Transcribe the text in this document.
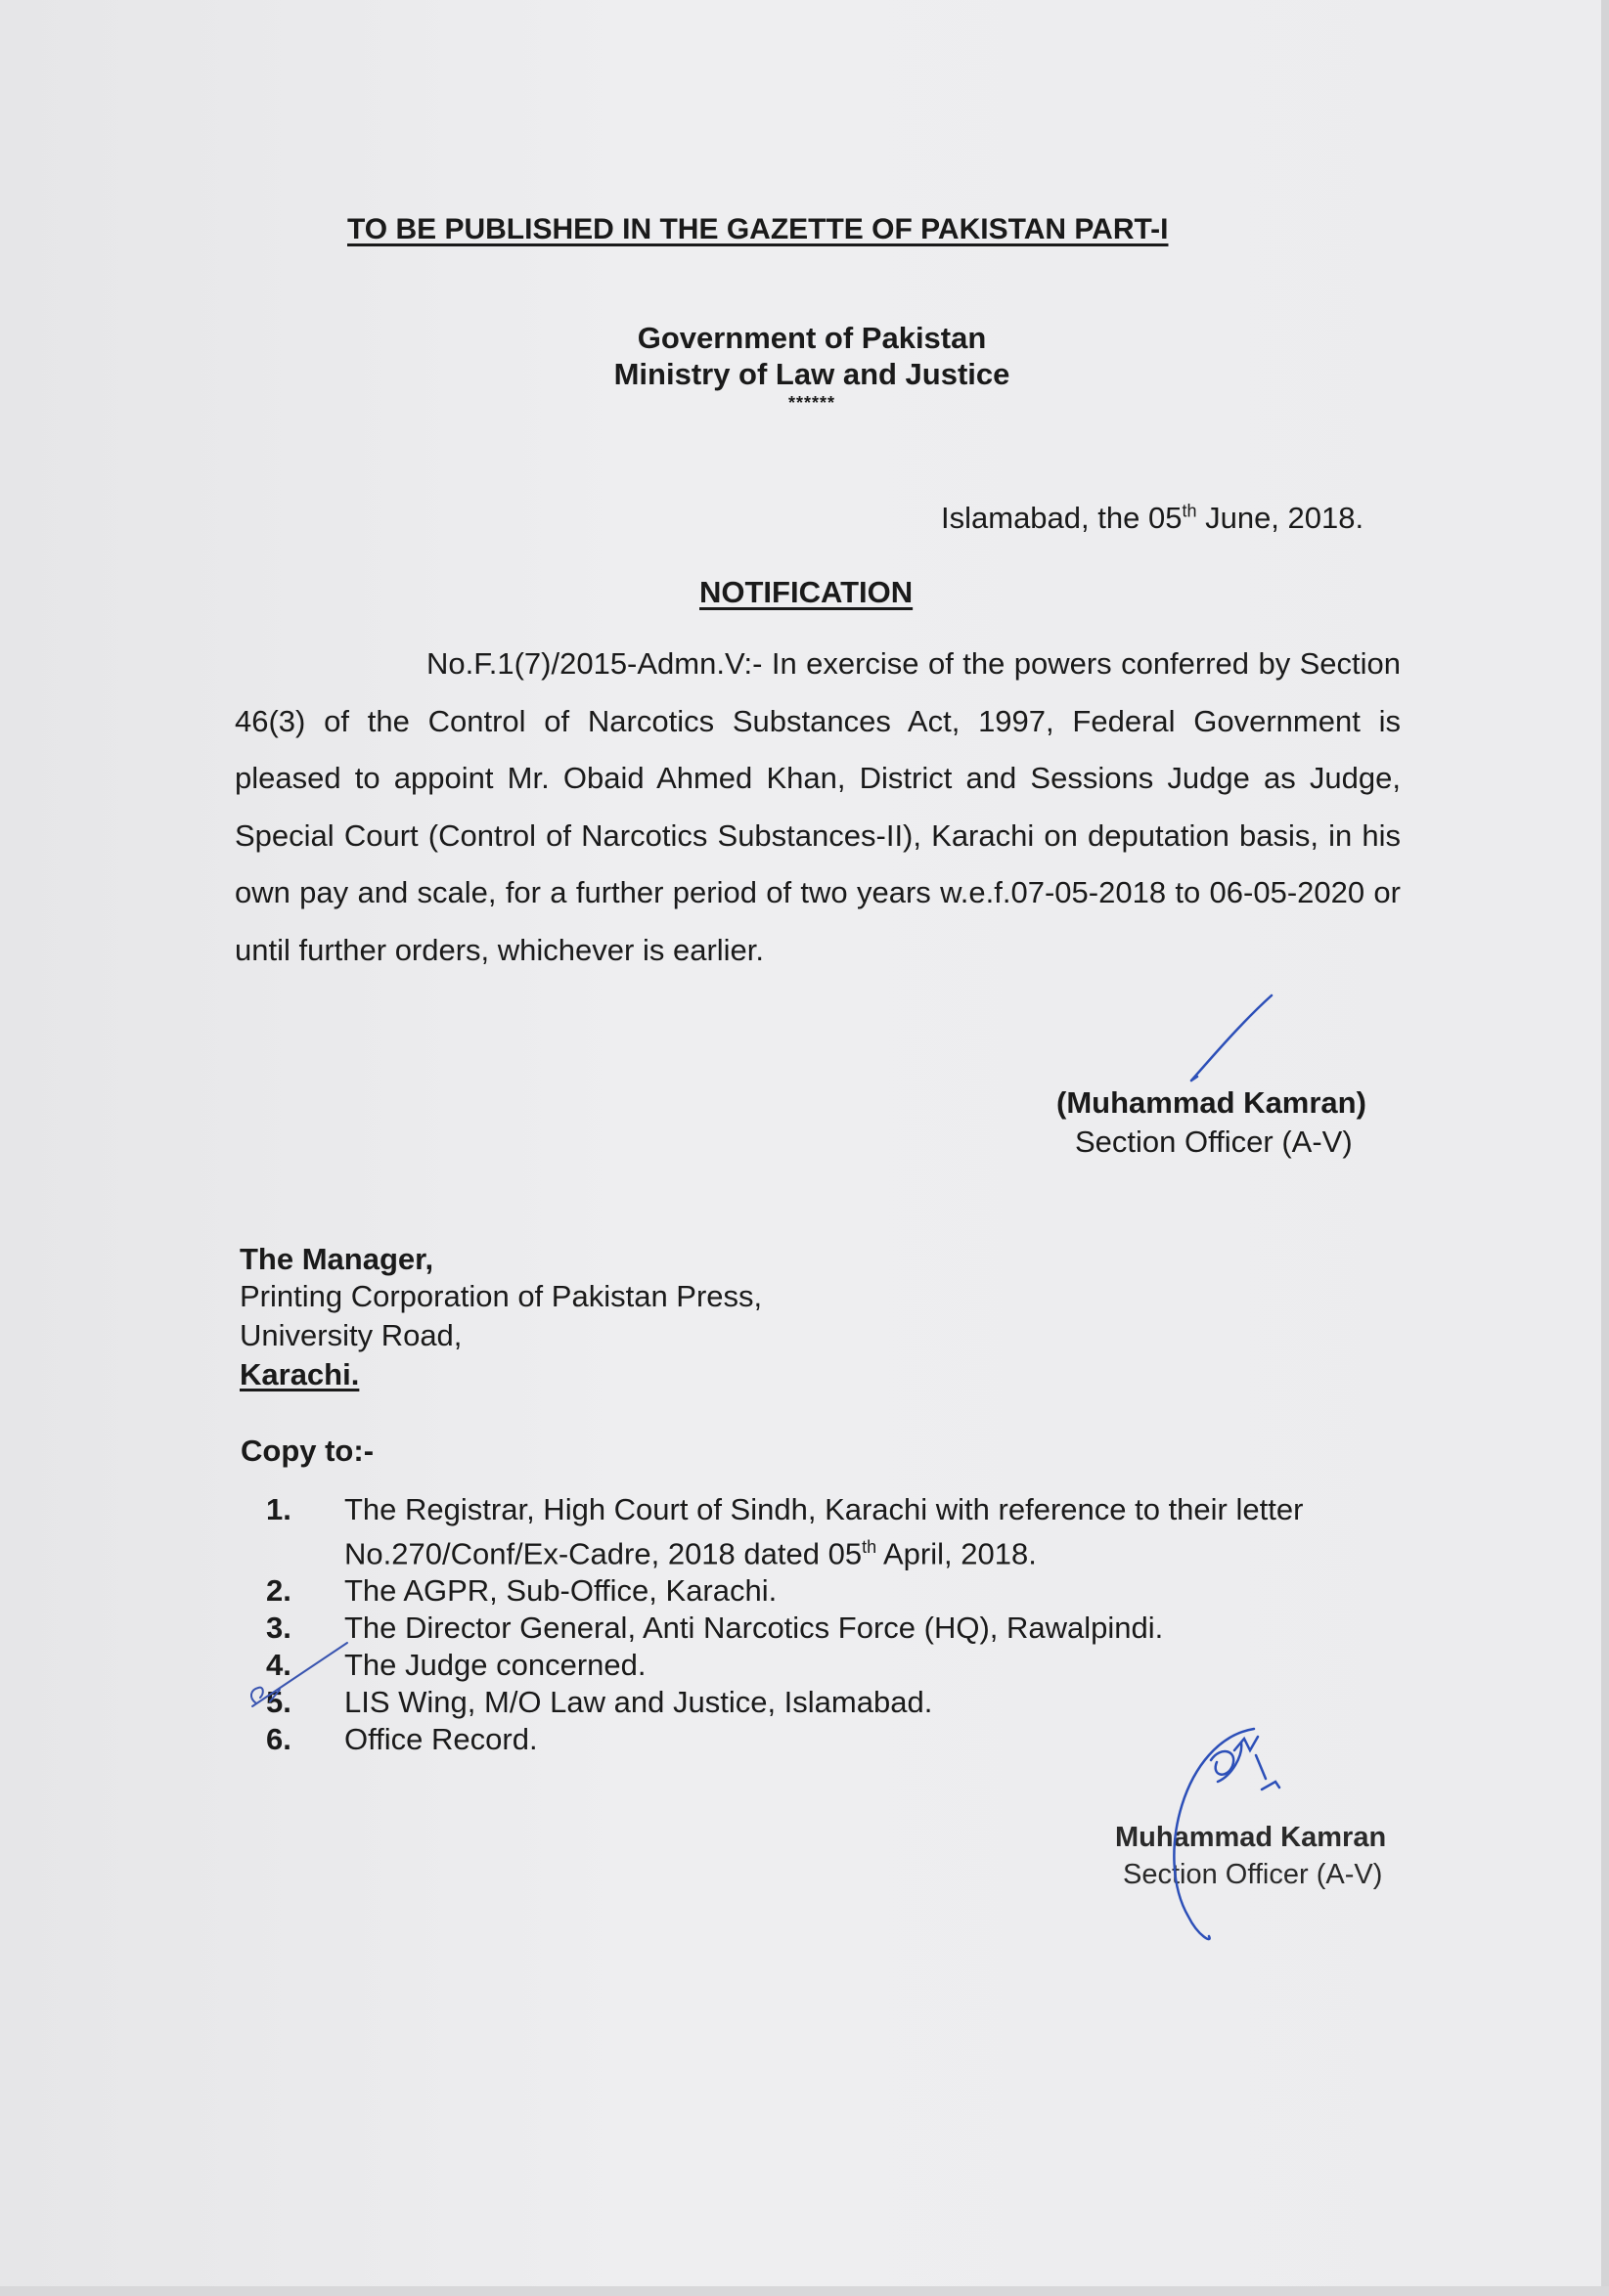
TO BE PUBLISHED IN THE GAZETTE OF PAKISTAN PART-I
Government of Pakistan
Ministry of Law and Justice
******
Islamabad, the 05th June, 2018.
NOTIFICATION
No.F.1(7)/2015-Admn.V:- In exercise of the powers conferred by Section 46(3) of the Control of Narcotics Substances Act, 1997, Federal Government is pleased to appoint Mr. Obaid Ahmed Khan, District and Sessions Judge as Judge, Special Court (Control of Narcotics Substances-II), Karachi on deputation basis, in his own pay and scale, for a further period of two years w.e.f.07-05-2018 to 06-05-2020 or until further orders, whichever is earlier.
(Muhammad Kamran)
Section Officer (A-V)
The Manager,
Printing Corporation of Pakistan Press,
University Road,
Karachi.
Copy to:-
1.	The Registrar, High Court of Sindh, Karachi with reference to their letter
No.270/Conf/Ex-Cadre, 2018 dated 05th April, 2018.
2.	The AGPR, Sub-Office, Karachi.
3.	The Director General, Anti Narcotics Force (HQ), Rawalpindi.
4.	The Judge concerned.
5.	LIS Wing, M/O Law and Justice, Islamabad.
6.	Office Record.
Muhammad Kamran
Section Officer (A-V)
